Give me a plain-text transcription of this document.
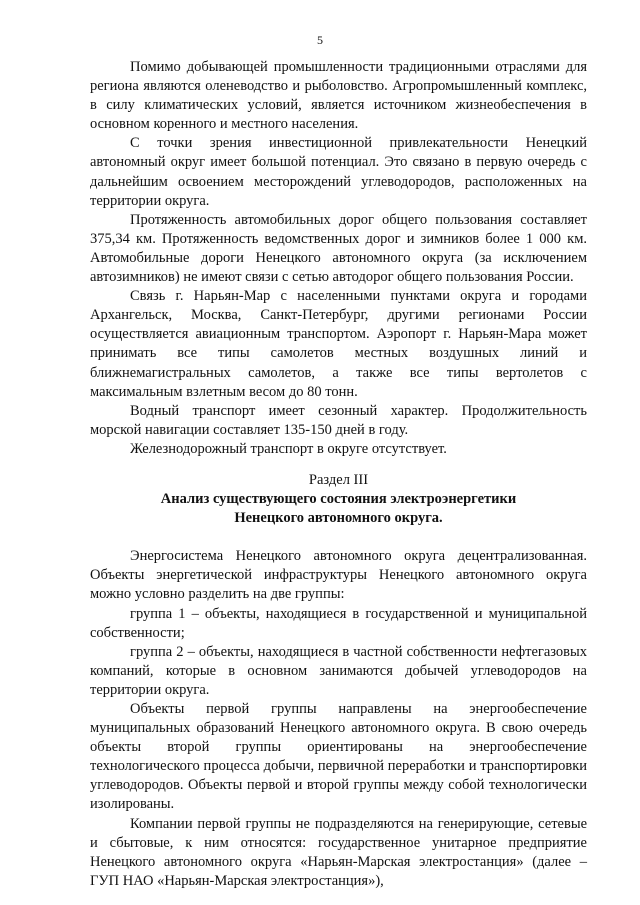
5

Помимо добывающей промышленности традиционными отраслями для региона являются оленеводство и рыболовство. Агропромышленный комплекс, в силу климатических условий, является источником жизнеобеспечения в основном коренного и местного населения.

С точки зрения инвестиционной привлекательности Ненецкий автономный округ имеет большой потенциал. Это связано в первую очередь с дальнейшим освоением месторождений углеводородов, расположенных на территории округа.

Протяженность автомобильных дорог общего пользования составляет 375,34 км. Протяженность ведомственных дорог и зимников более 1 000 км. Автомобильные дороги Ненецкого автономного округа (за исключением автозимников) не имеют связи с сетью автодорог общего пользования России.

Связь г. Нарьян-Мар с населенными пунктами округа и городами Архангельск, Москва, Санкт-Петербург, другими регионами России осуществляется авиационным транспортом. Аэропорт г. Нарьян-Мара может принимать все типы самолетов местных воздушных линий и ближнемагистральных самолетов, а также все типы вертолетов с максимальным взлетным весом до 80 тонн.

Водный транспорт имеет сезонный характер. Продолжительность морской навигации составляет 135-150 дней в году.

Железнодорожный транспорт в округе отсутствует.

Раздел III

Анализ существующего состояния электроэнергетики

Ненецкого автономного округа.

Энергосистема Ненецкого автономного округа децентрализованная. Объекты энергетической инфраструктуры Ненецкого автономного округа можно условно разделить на две группы:

группа 1 – объекты, находящиеся в государственной и муниципальной собственности;

группа 2 – объекты, находящиеся в частной собственности нефтегазовых компаний, которые в основном занимаются добычей углеводородов на территории округа.

Объекты первой группы направлены на энергообеспечение муниципальных образований Ненецкого автономного округа. В свою очередь объекты второй группы ориентированы на энергообеспечение технологического процесса добычи, первичной переработки и транспортировки углеводородов. Объекты первой и второй группы между собой технологически изолированы.

Компании первой группы не подразделяются на генерирующие, сетевые и сбытовые, к ним относятся: государственное унитарное предприятие Ненецкого автономного округа «Нарьян-Марская электростанция» (далее – ГУП НАО «Нарьян-Марская электростанция»),
